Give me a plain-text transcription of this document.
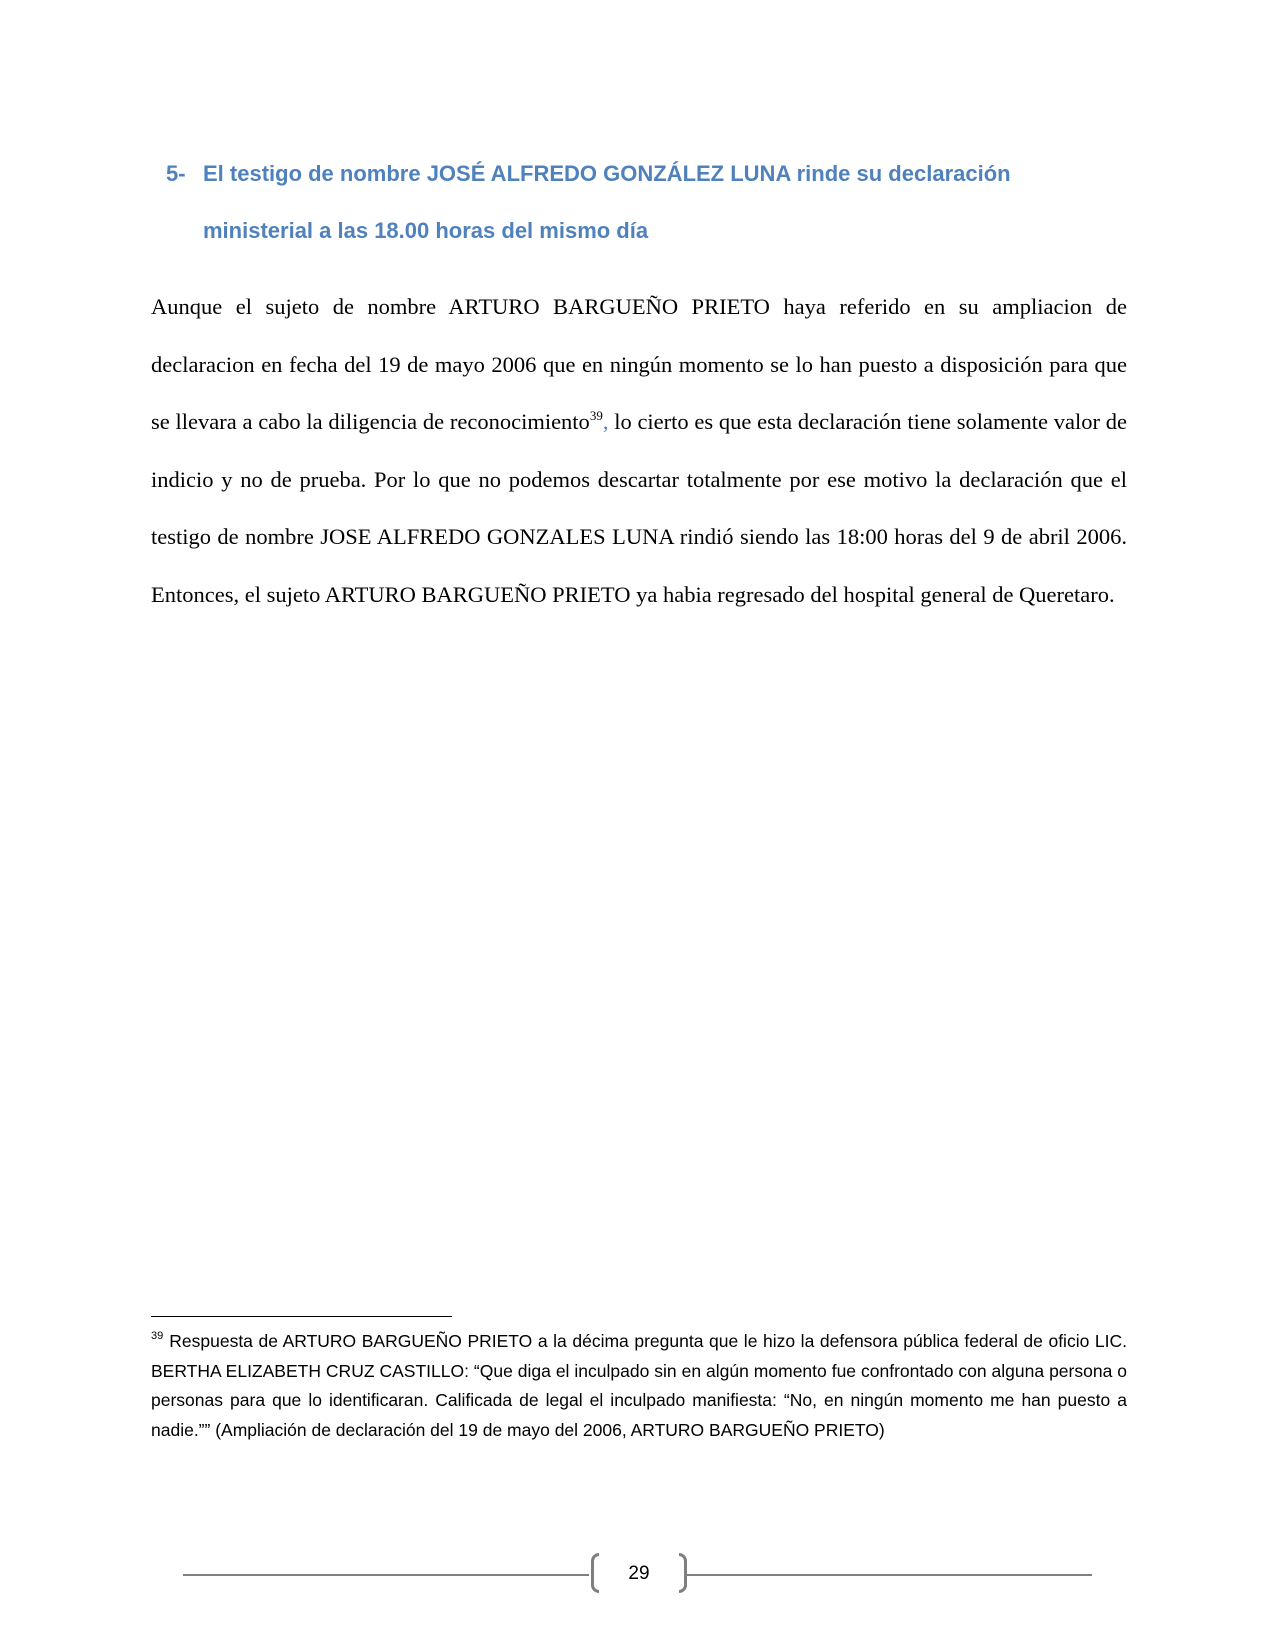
5- El testigo de nombre JOSÉ ALFREDO GONZÁLEZ LUNA rinde su declaración
ministerial a las 18.00 horas del mismo día

Aunque el sujeto de nombre ARTURO BARGUEÑO PRIETO haya referido en su ampliacion de declaracion en fecha del 19 de mayo 2006 que en ningún momento se lo han puesto a disposición para que se llevara a cabo la diligencia de reconocimiento$^{39}$, lo cierto es que esta declaración tiene solamente valor de indicio y no de prueba. Por lo que no podemos descartar totalmente por ese motivo la declaración que el testigo de nombre JOSE ALFREDO GONZALES LUNA rindió siendo las 18:00 horas del 9 de abril 2006. Entonces, el sujeto ARTURO BARGUEÑO PRIETO ya habia regresado del hospital general de Queretaro.

$^{39}$ Respuesta de ARTURO BARGUEÑO PRIETO a la décima pregunta que le hizo la defensora pública federal de oficio LIC. BERTHA ELIZABETH CRUZ CASTILLO: “Que diga el inculpado sin en algún momento fue confrontado con alguna persona o personas para que lo identificaran. Calificada de legal el inculpado manifiesta: “No, en ningún momento me han puesto a nadie.”” (Ampliación de declaración del 19 de mayo del 2006, ARTURO BARGUEÑO PRIETO)

29
